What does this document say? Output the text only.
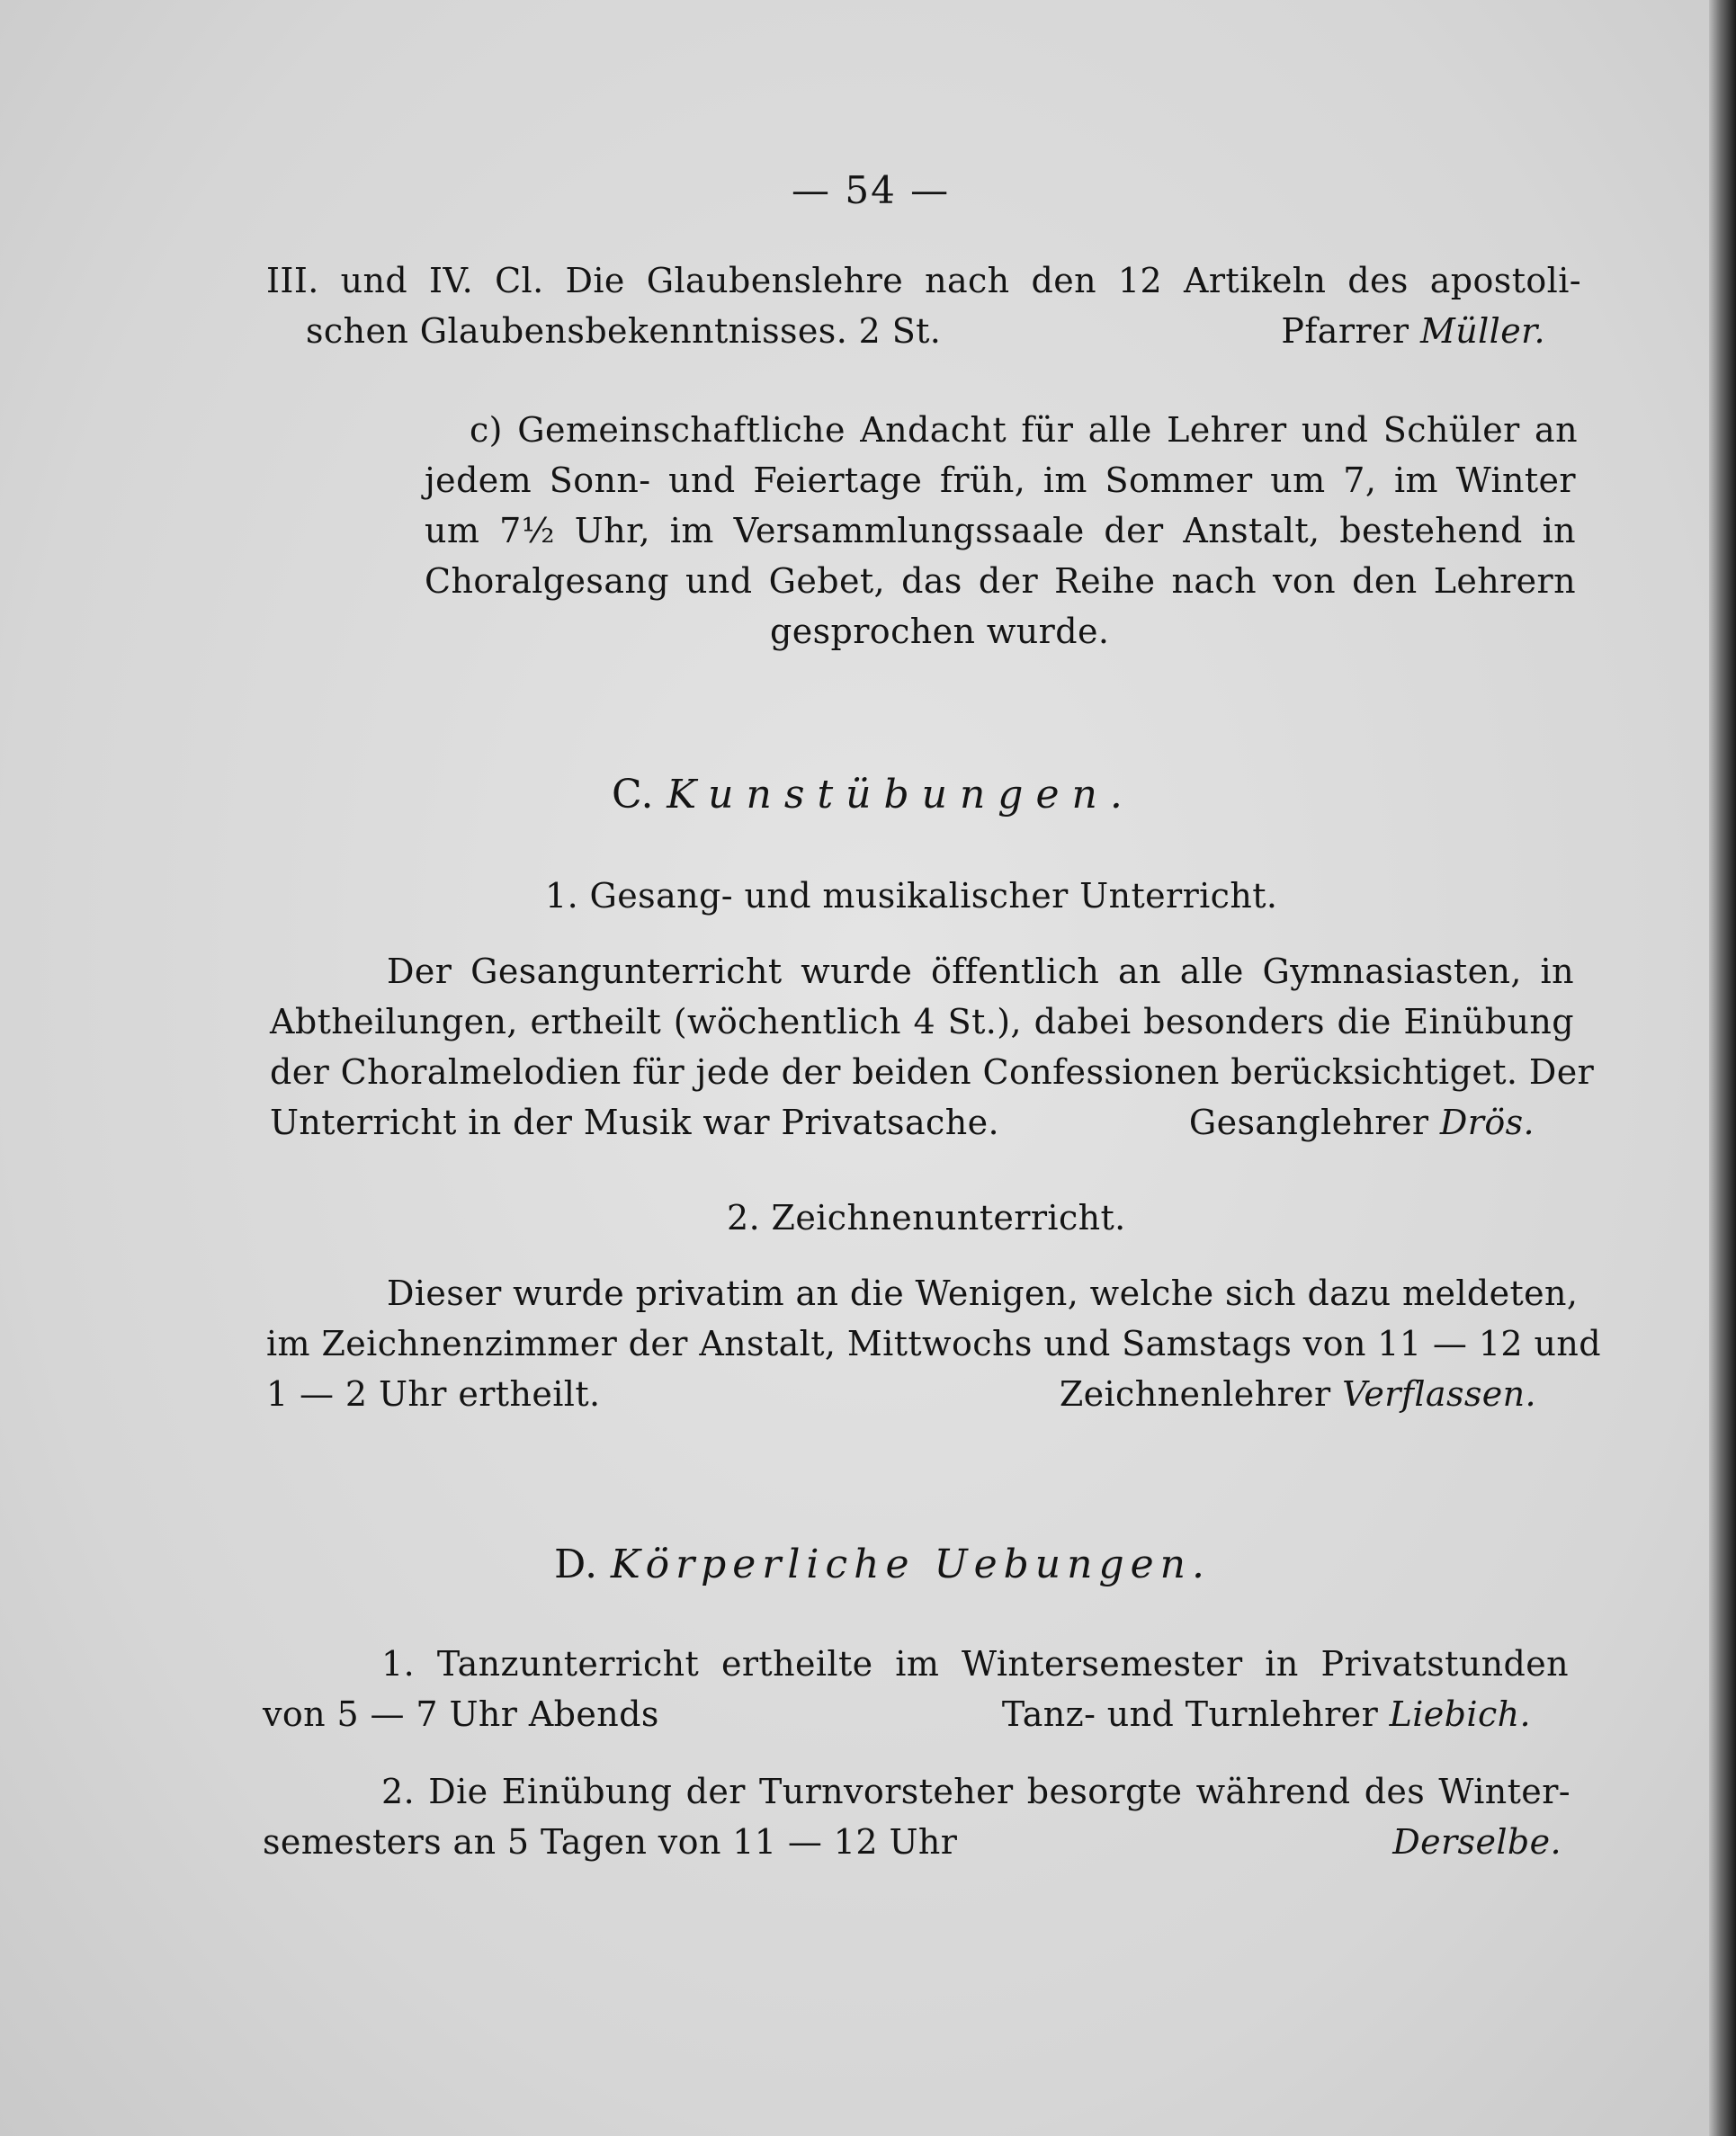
— 54 —
III. und IV. Cl. Die Glaubenslehre nach den 12 Artikeln des apostoli-
schen Glaubensbekenntnisses. 2 St.	Pfarrer Müller.
c) Gemeinschaftliche Andacht für alle Lehrer und Schüler an
jedem Sonn- und Feiertage früh, im Sommer um 7, im Winter
um 7½ Uhr, im Versammlungssaale der Anstalt, bestehend in
Choralgesang und Gebet, das der Reihe nach von den Lehrern
gesprochen wurde.
C. Kunstübungen.
1. Gesang- und musikalischer Unterricht.
Der Gesangunterricht wurde öffentlich an alle Gymnasiasten, in
Abtheilungen, ertheilt (wöchentlich 4 St.), dabei besonders die Einübung
der Choralmelodien für jede der beiden Confessionen berücksichtiget. Der
Unterricht in der Musik war Privatsache.	Gesanglehrer Drös.
2. Zeichnenunterricht.
Dieser wurde privatim an die Wenigen, welche sich dazu meldeten,
im Zeichnenzimmer der Anstalt, Mittwochs und Samstags von 11 — 12 und
1 — 2 Uhr ertheilt.	Zeichnenlehrer Verflassen.
D. Körperliche Uebungen.
1. Tanzunterricht ertheilte im Wintersemester in Privatstunden
von 5 — 7 Uhr Abends	Tanz- und Turnlehrer Liebich.
2. Die Einübung der Turnvorsteher besorgte während des Winter-
semesters an 5 Tagen von 11 — 12 Uhr	Derselbe.
